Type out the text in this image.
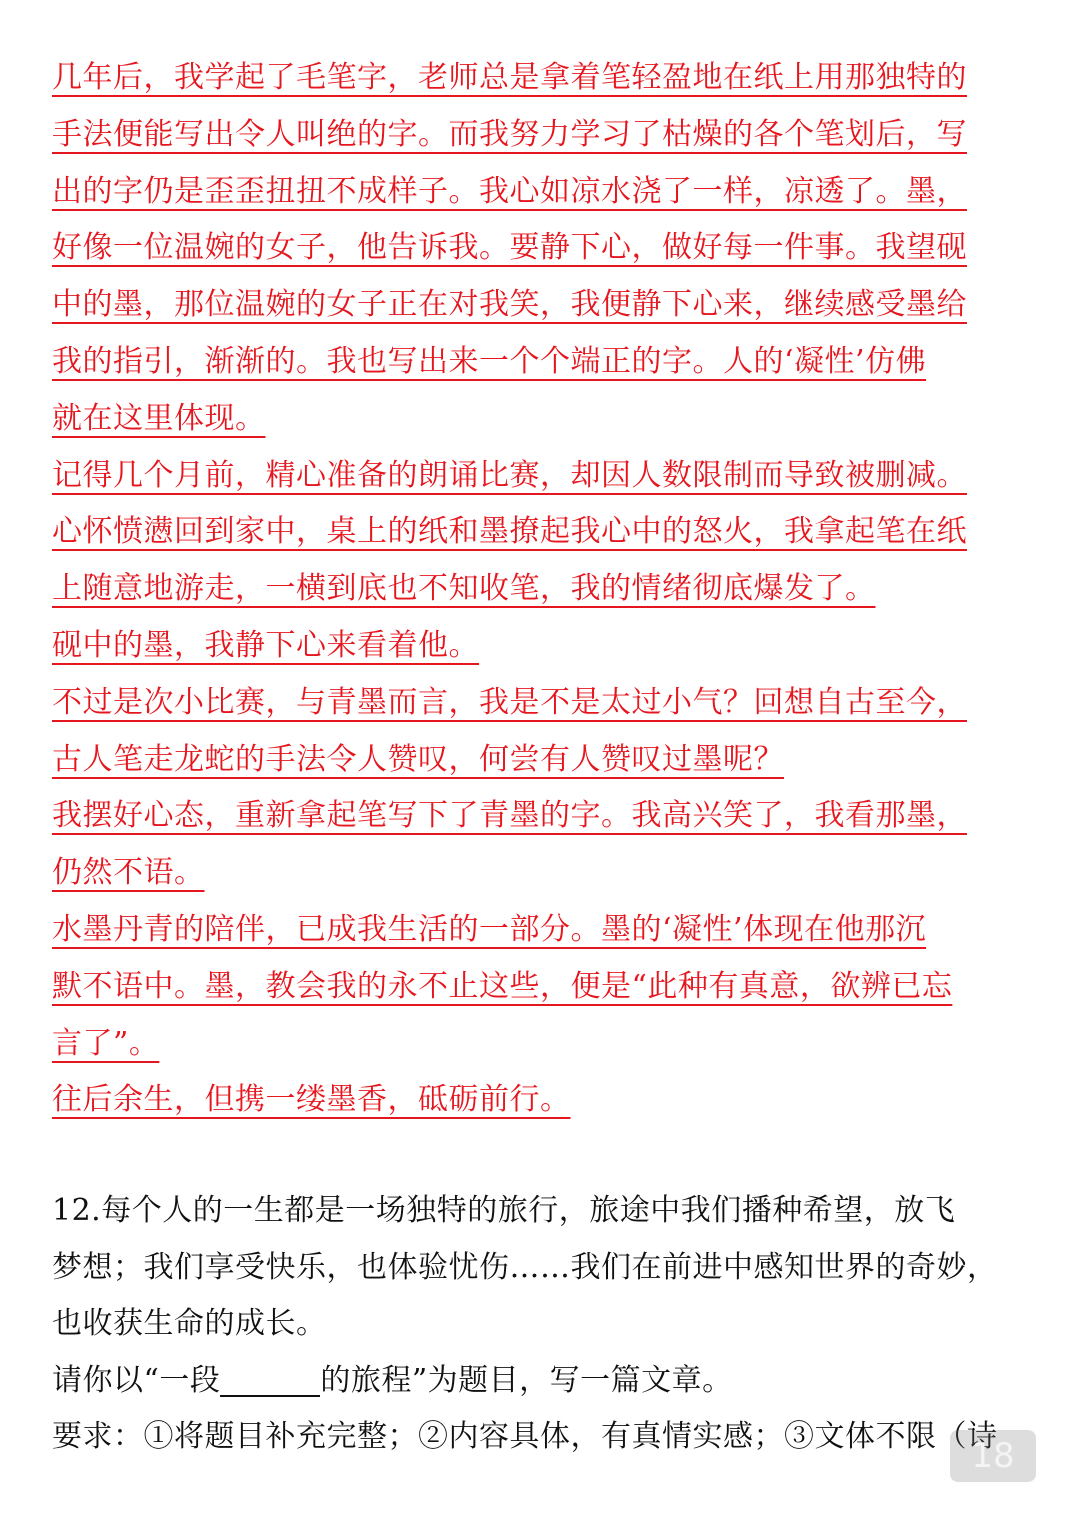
几年后，我学起了毛笔字，老师总是拿着笔轻盈地在纸上用那独特的
手法便能写出令人叫绝的字。而我努力学习了枯燥的各个笔划后，写
出的字仍是歪歪扭扭不成样子。我心如凉水浇了一样，凉透了。墨，
好像一位温婉的女子，他告诉我。要静下心，做好每一件事。我望砚
中的墨，那位温婉的女子正在对我笑，我便静下心来，继续感受墨给
我的指引，渐渐的。我也写出来一个个端正的字。人的‘凝性’仿佛
就在这里体现。
记得几个月前，精心准备的朗诵比赛，却因人数限制而导致被删减。
心怀愤懑回到家中，桌上的纸和墨撩起我心中的怒火，我拿起笔在纸
上随意地游走，一横到底也不知收笔，我的情绪彻底爆发了。
砚中的墨，我静下心来看着他。
不过是次小比赛，与青墨而言，我是不是太过小气？回想自古至今，
古人笔走龙蛇的手法令人赞叹，何尝有人赞叹过墨呢？
我摆好心态，重新拿起笔写下了青墨的字。我高兴笑了，我看那墨，
仍然不语。
水墨丹青的陪伴，已成我生活的一部分。墨的‘凝性’体现在他那沉
默不语中。墨，教会我的永不止这些，便是“此种有真意，欲辨已忘
言了”。
往后余生，但携一缕墨香，砥砺前行。
12.每个人的一生都是一场独特的旅行，旅途中我们播种希望，放飞
梦想；我们享受快乐，也体验忧伤……我们在前进中感知世界的奇妙，
也收获生命的成长。
请你以“一段	的旅程”为题目，写一篇文章。
要求：①将题目补充完整；②内容具体，有真情实感；③文体不限（诗
18
